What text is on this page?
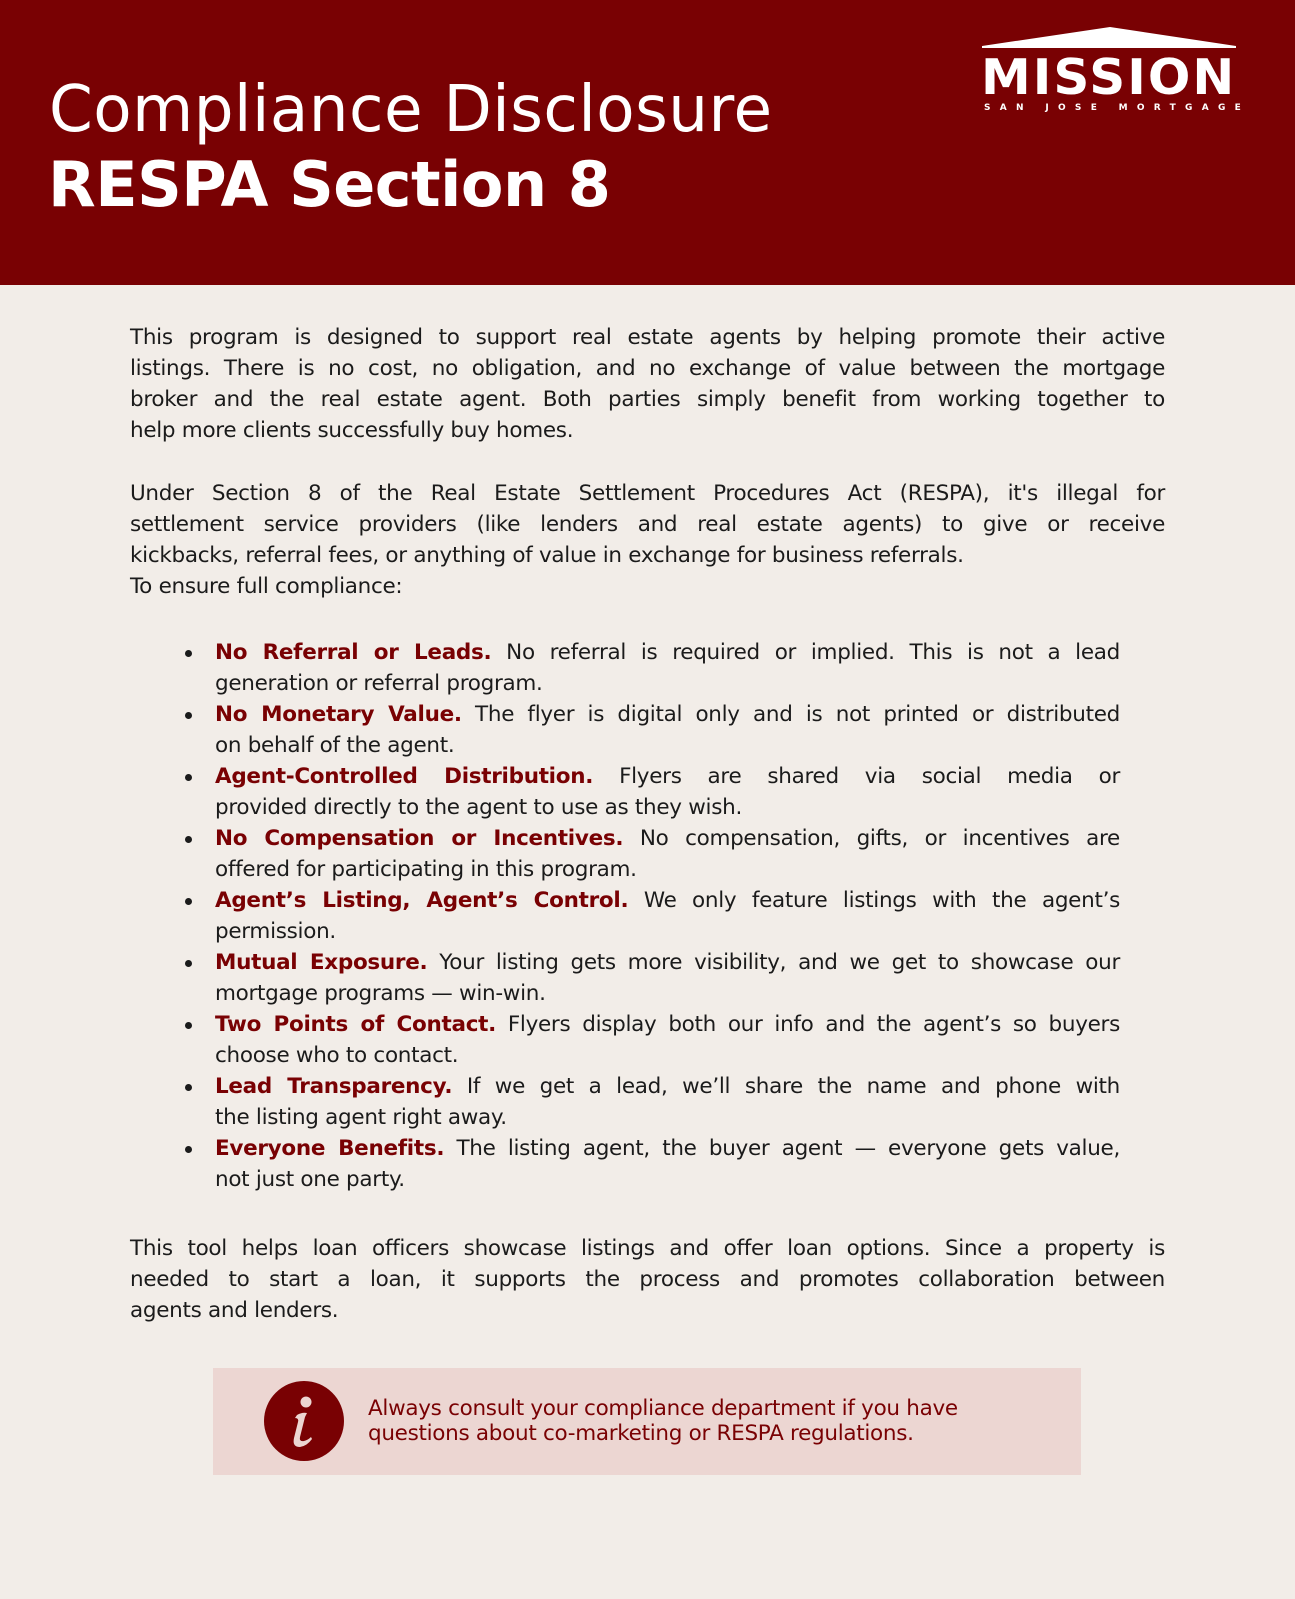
Compliance Disclosure
RESPA Section 8
MISSION
SAN JOSE MORTGAGE
This program is designed to support real estate agents by helping promote their active
listings. There is no cost, no obligation, and no exchange of value between the mortgage
broker and the real estate agent. Both parties simply benefit from working together to
help more clients successfully buy homes.
Under Section 8 of the Real Estate Settlement Procedures Act (RESPA), it's illegal for
settlement service providers (like lenders and real estate agents) to give or receive
kickbacks, referral fees, or anything of value in exchange for business referrals.
To ensure full compliance:
No Referral or Leads. No referral is required or implied. This is not a lead
generation or referral program.
No Monetary Value. The flyer is digital only and is not printed or distributed
on behalf of the agent.
Agent-Controlled Distribution. Flyers are shared via social media or
provided directly to the agent to use as they wish.
No Compensation or Incentives. No compensation, gifts, or incentives are
offered for participating in this program.
Agent’s Listing, Agent’s Control. We only feature listings with the agent’s
permission.
Mutual Exposure. Your listing gets more visibility, and we get to showcase our
mortgage programs — win-win.
Two Points of Contact. Flyers display both our info and the agent’s so buyers
choose who to contact.
Lead Transparency. If we get a lead, we’ll share the name and phone with
the listing agent right away.
Everyone Benefits. The listing agent, the buyer agent — everyone gets value,
not just one party.
This tool helps loan officers showcase listings and offer loan options. Since a property is
needed to start a loan, it supports the process and promotes collaboration between
agents and lenders.
Always consult your compliance department if you have
questions about co-marketing or RESPA regulations.
